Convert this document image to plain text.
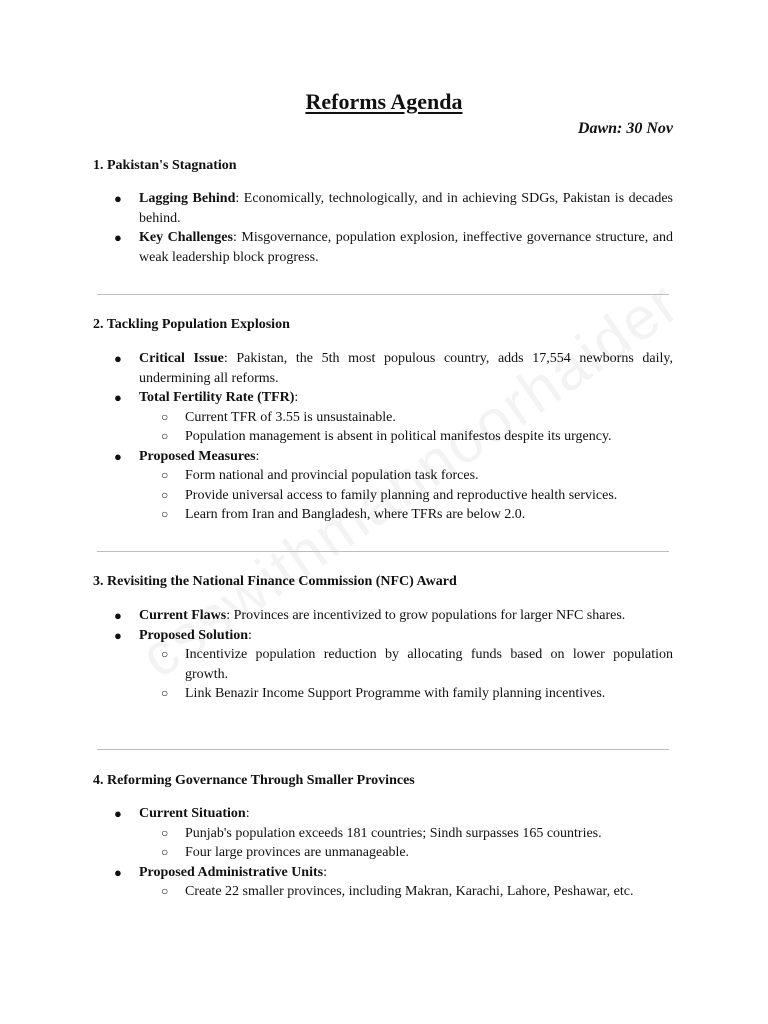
Reforms Agenda
Dawn: 30 Nov
1. Pakistan's Stagnation
● Lagging Behind: Economically, technologically, and in achieving SDGs, Pakistan is decades behind.
● Key Challenges: Misgovernance, population explosion, ineffective governance structure, and weak leadership block progress.
2. Tackling Population Explosion
● Critical Issue: Pakistan, the 5th most populous country, adds 17,554 newborns daily, undermining all reforms.
● Total Fertility Rate (TFR):
○ Current TFR of 3.55 is unsustainable.
○ Population management is absent in political manifestos despite its urgency.
● Proposed Measures:
○ Form national and provincial population task forces.
○ Provide universal access to family planning and reproductive health services.
○ Learn from Iran and Bangladesh, where TFRs are below 2.0.
3. Revisiting the National Finance Commission (NFC) Award
● Current Flaws: Provinces are incentivized to grow populations for larger NFC shares.
● Proposed Solution:
○ Incentivize population reduction by allocating funds based on lower population growth.
○ Link Benazir Income Support Programme with family planning incentives.
4. Reforming Governance Through Smaller Provinces
● Current Situation:
○ Punjab's population exceeds 181 countries; Sindh surpasses 165 countries.
○ Four large provinces are unmanageable.
● Proposed Administrative Units:
○ Create 22 smaller provinces, including Makran, Karachi, Lahore, Peshawar, etc.
